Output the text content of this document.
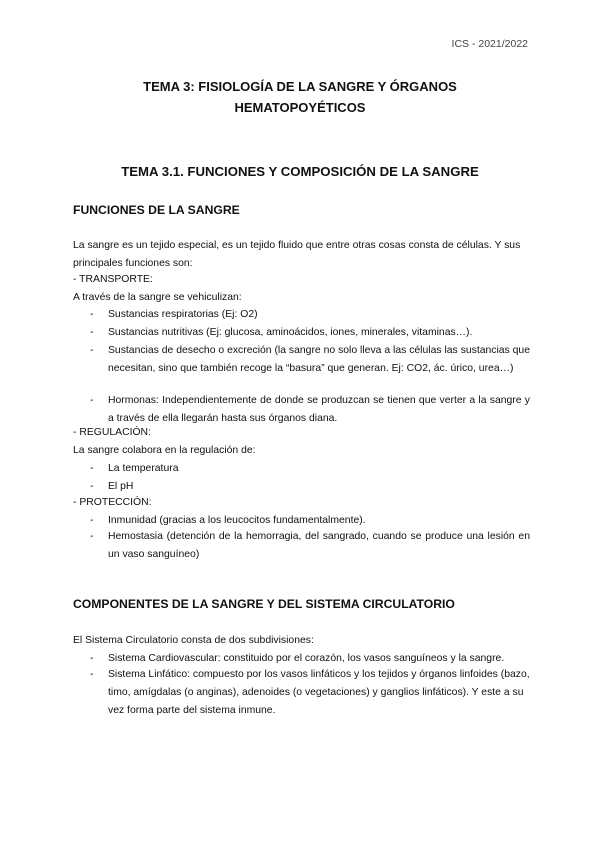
ICS - 2021/2022
TEMA 3: FISIOLOGÍA DE LA SANGRE Y ÓRGANOS
HEMATOPOYÉTICOS
TEMA 3.1. FUNCIONES Y COMPOSICIÓN DE LA SANGRE
FUNCIONES DE LA SANGRE
La sangre es un tejido especial, es un tejido fluido que entre otras cosas consta de células. Y sus principales funciones son:
- TRANSPORTE:
A través de la sangre se vehiculizan:
- Sustancias respiratorias (Ej: O2)
- Sustancias nutritivas (Ej: glucosa, aminoácidos, iones, minerales, vitaminas…).
- Sustancias de desecho o excreción (la sangre no solo lleva a las células las sustancias que necesitan, sino que también recoge la “basura” que generan. Ej: CO2, ác. úrico, urea…)
- Hormonas: Independientemente de donde se produzcan se tienen que verter a la sangre y a través de ella llegarán hasta sus órganos diana.
- REGULACIÓN:
La sangre colabora en la regulación de:
- La temperatura
- El pH
- PROTECCIÓN:
- Inmunidad (gracias a los leucocitos fundamentalmente).
- Hemostasia (detención de la hemorragia, del sangrado, cuando se produce una lesión en un vaso sanguíneo)
COMPONENTES DE LA SANGRE Y DEL SISTEMA CIRCULATORIO
El Sistema Circulatorio consta de dos subdivisiones:
- Sistema Cardiovascular: constituido por el corazón, los vasos sanguíneos y la sangre.
- Sistema Linfático: compuesto por los vasos linfáticos y los tejidos y órganos linfoides (bazo, timo, amígdalas (o anginas), adenoides (o vegetaciones) y ganglios linfáticos). Y este a su vez forma parte del sistema inmune.
